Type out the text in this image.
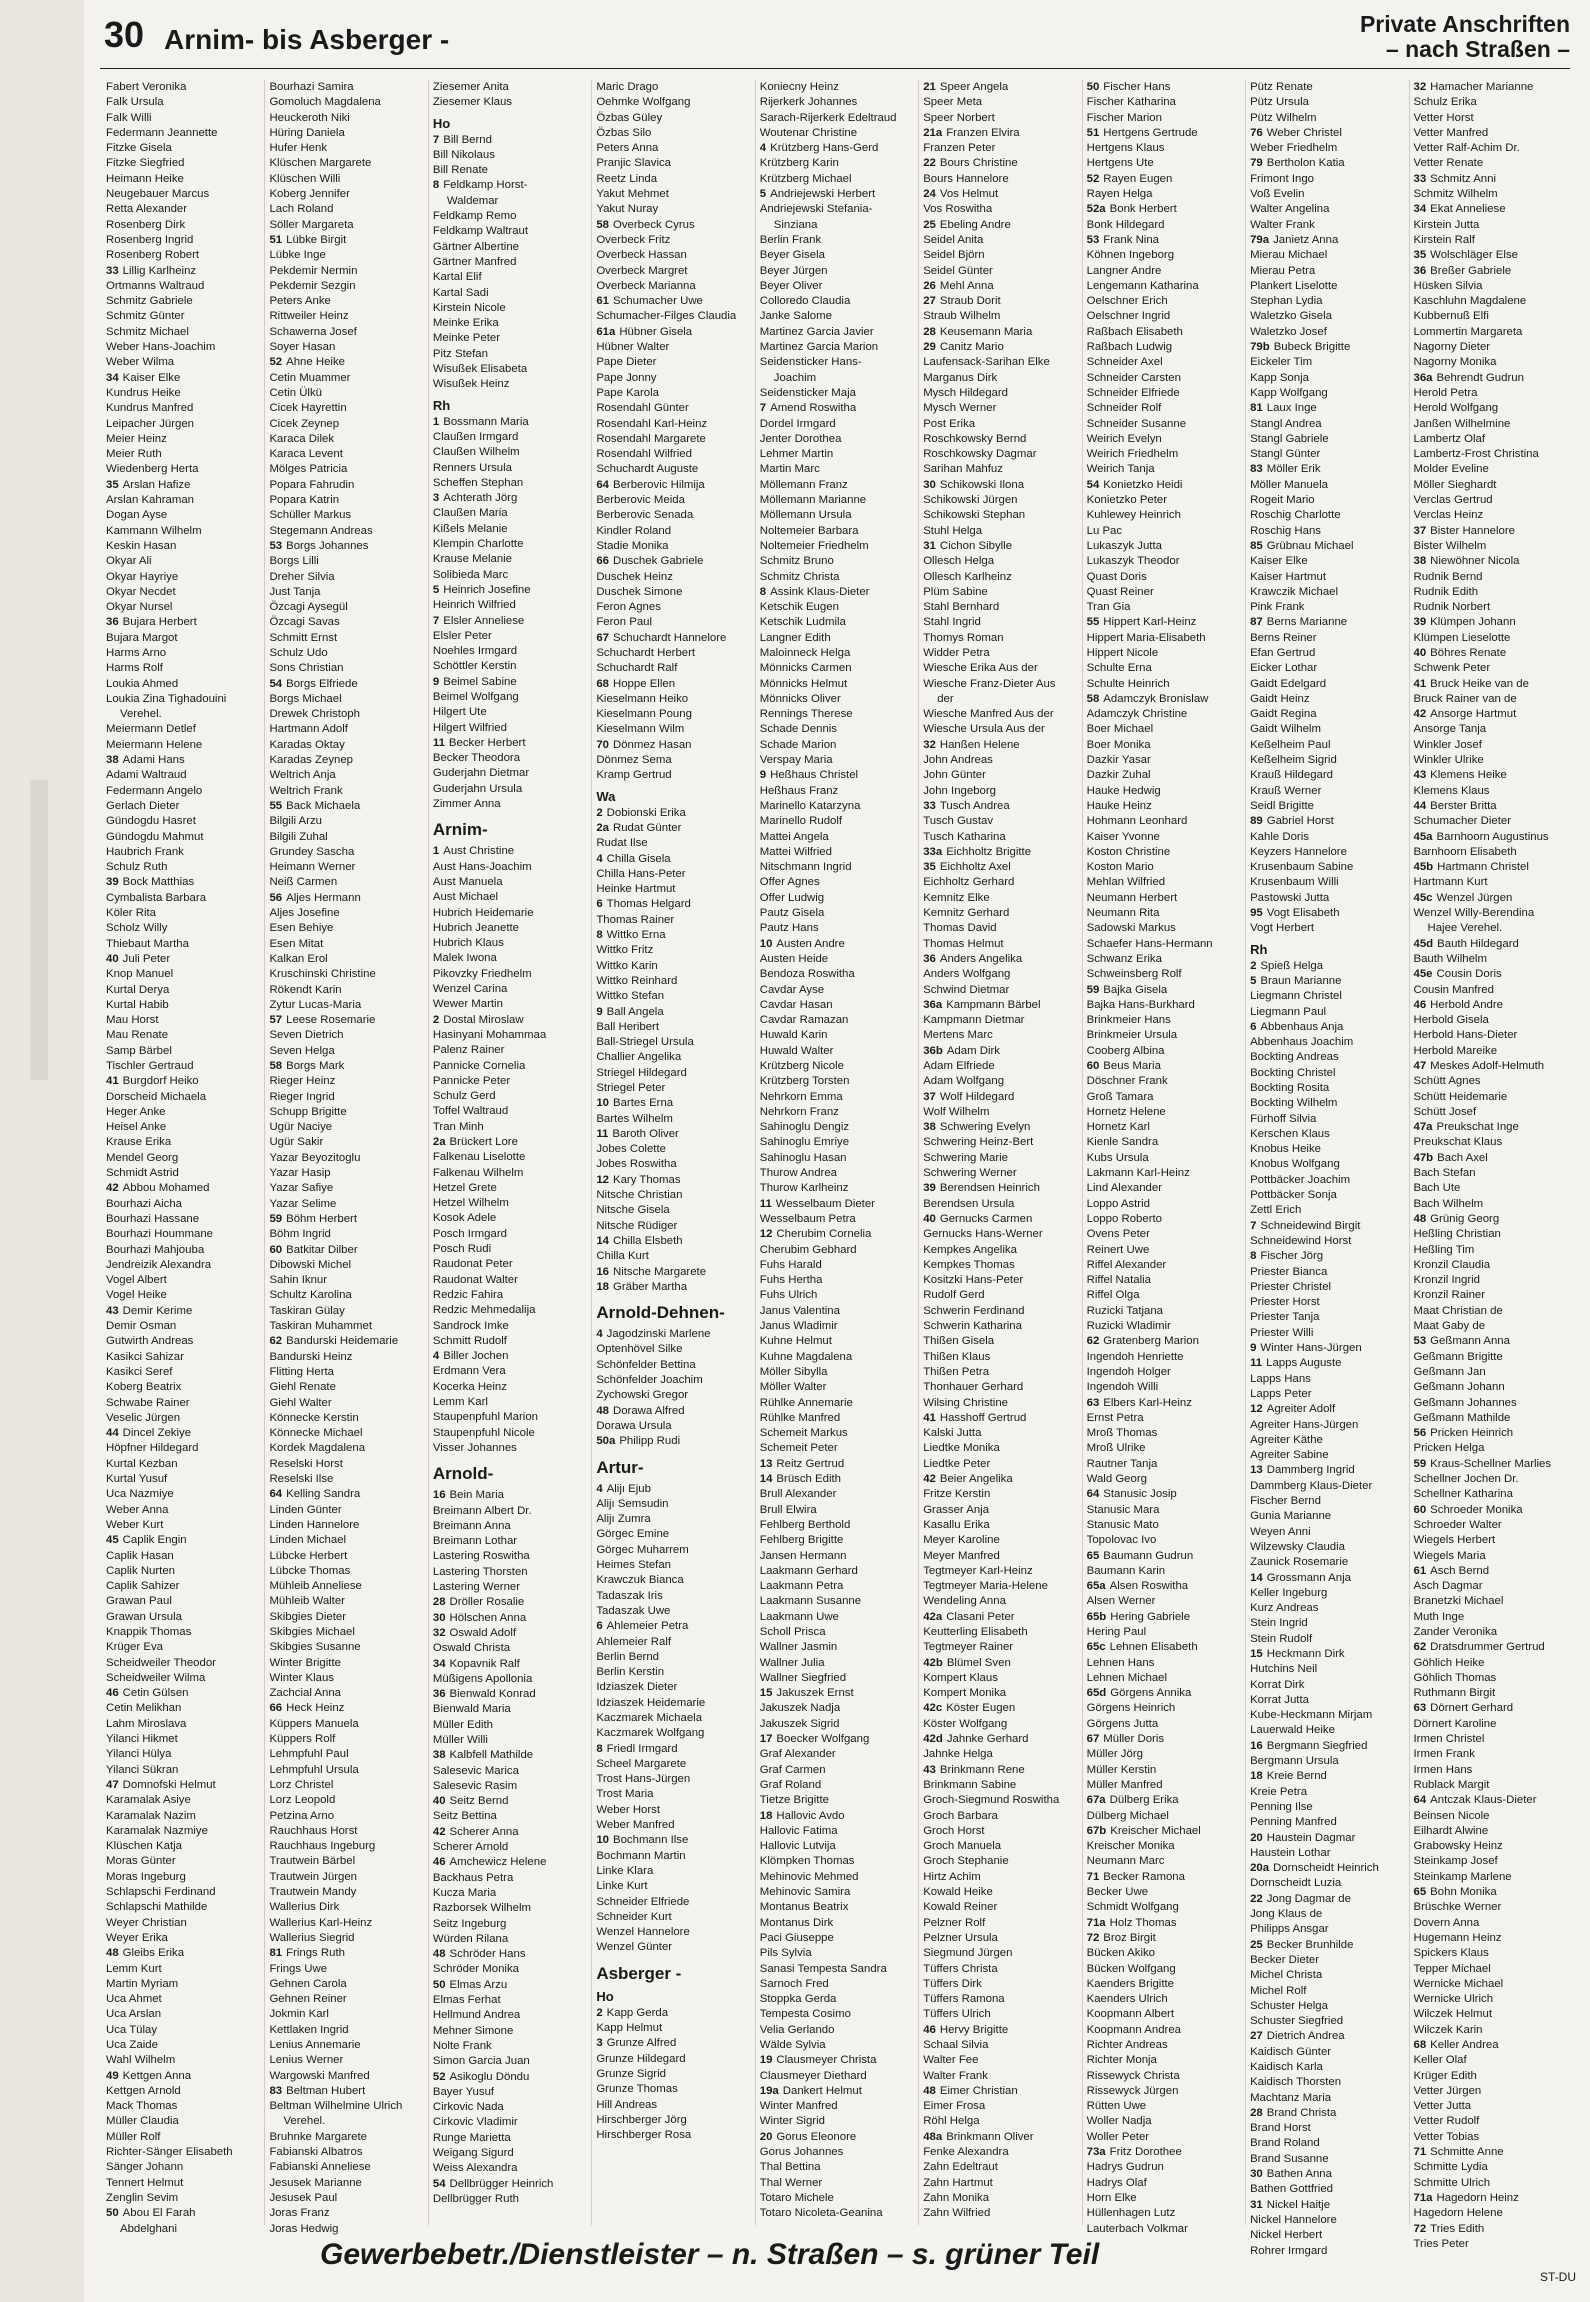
30 Arnim- bis Asberger -	Private Anschriften
– nach Straßen –
Fabert Veronika
Falk Ursula
Falk Willi
Federmann Jeannette
Fitzke Gisela
Fitzke Siegfried
Heimann Heike
Neugebauer Marcus
Retta Alexander
Rosenberg Dirk
Rosenberg Ingrid
Rosenberg Robert
33 Lillig Karlheinz
Ortmanns Waltraud
Schmitz Gabriele
Schmitz Günter
Schmitz Michael
Weber Hans-Joachim
Weber Wilma
34 Kaiser Elke
Kundrus Heike
Kundrus Manfred
Leipacher Jürgen
Meier Heinz
Meier Ruth
Wiedenberg Herta
35 Arslan Hafize
Arslan Kahraman
Dogan Ayse
Kammann Wilhelm
Keskin Hasan
Okyar Ali
Okyar Hayriye
Okyar Necdet
Okyar Nursel
36 Bujara Herbert
Bujara Margot
Harms Arno
Harms Rolf
Loukia Ahmed
Loukia Zina Tighadouini
Verehel.
Meiermann Detlef
Meiermann Helene
38 Adami Hans
Adami Waltraud
Federmann Angelo
Gerlach Dieter
Gündogdu Hasret
Gündogdu Mahmut
Haubrich Frank
Schulz Ruth
39 Bock Matthias
Cymbalista Barbara
Köler Rita
Scholz Willy
Thiebaut Martha
40 Juli Peter
Knop Manuel
Kurtal Derya
Kurtal Habib
Mau Horst
Mau Renate
Samp Bärbel
Tischler Gertraud
41 Burgdorf Heiko
Dorscheid Michaela
Heger Anke
Heisel Anke
Krause Erika
Mendel Georg
Schmidt Astrid
42 Abbou Mohamed
Bourhazi Aicha
Bourhazi Hassane
Bourhazi Hoummane
Bourhazi Mahjouba
Jendreizik Alexandra
Vogel Albert
Vogel Heike
43 Demir Kerime
Demir Osman
Gutwirth Andreas
Kasikci Sahizar
Kasikci Seref
Koberg Beatrix
Schwabe Rainer
Veselic Jürgen
44 Dincel Zekiye
Höpfner Hildegard
Kurtal Kezban
Kurtal Yusuf
Uca Nazmiye
Weber Anna
Weber Kurt
45 Caplik Engin
Caplik Hasan
Caplik Nurten
Caplik Sahizer
Grawan Paul
Grawan Ursula
Knappik Thomas
Krüger Eva
Scheidweiler Theodor
Scheidweiler Wilma
46 Cetin Gülsen
Cetin Melikhan
Lahm Miroslava
Yilanci Hikmet
Yilanci Hülya
Yilanci Sükran
47 Domnofski Helmut
Karamalak Asiye
Karamalak Nazim
Karamalak Nazmiye
Klüschen Katja
Moras Günter
Moras Ingeburg
Schlapschi Ferdinand
Schlapschi Mathilde
Weyer Christian
Weyer Erika
48 Gleibs Erika
Lemm Kurt
Martin Myriam
Uca Ahmet
Uca Arslan
Uca Tülay
Uca Zaide
Wahl Wilhelm
49 Kettgen Anna
Kettgen Arnold
Mack Thomas
Müller Claudia
Müller Rolf
Richter-Sänger Elisabeth
Sänger Johann
Tennert Helmut
Zenglin Sevim
50 Abou El Farah
Abdelghani
Bourhazi Samira
Gomoluch Magdalena
Heuckeroth Niki
Hüring Daniela
Hufer Henk
Klüschen Margarete
Klüschen Willi
Koberg Jennifer
Lach Roland
Söller Margareta
51 Lübke Birgit
Lübke Inge
Pekdemir Nermin
Pekdemir Sezgin
Peters Anke
Rittweiler Heinz
Schawerna Josef
Soyer Hasan
52 Ahne Heike
Cetin Muammer
Cetin Ülkü
Cicek Hayrettin
Cicek Zeynep
Karaca Dilek
Karaca Levent
Mölges Patricia
Popara Fahrudin
Popara Katrin
Schüller Markus
Stegemann Andreas
53 Borgs Johannes
Borgs Lilli
Dreher Silvia
Just Tanja
Özcagi Aysegül
Özcagi Savas
Schmitt Ernst
Schulz Udo
Sons Christian
54 Borgs Elfriede
Borgs Michael
Drewek Christoph
Hartmann Adolf
Karadas Oktay
Karadas Zeynep
Weltrich Anja
Weltrich Frank
55 Back Michaela
Bilgili Arzu
Bilgili Zuhal
Grundey Sascha
Heimann Werner
Neiß Carmen
56 Aljes Hermann
Aljes Josefine
Esen Behiye
Esen Mitat
Kalkan Erol
Kruschinski Christine
Rökendt Karin
Zytur Lucas-Maria
57 Leese Rosemarie
Seven Dietrich
Seven Helga
58 Borgs Mark
Rieger Heinz
Rieger Ingrid
Schupp Brigitte
Ugür Naciye
Ugür Sakir
Yazar Beyozitoglu
Yazar Hasip
Yazar Safiye
Yazar Selime
59 Böhm Herbert
Böhm Ingrid
60 Batkitar Dilber
Dibowski Michel
Sahin Iknur
Schultz Karolina
Taskiran Gülay
Taskiran Muhammet
62 Bandurski Heidemarie
Bandurski Heinz
Flitting Herta
Giehl Renate
Giehl Walter
Könnecke Kerstin
Könnecke Michael
Kordek Magdalena
Reselski Horst
Reselski Ilse
64 Kelling Sandra
Linden Günter
Linden Hannelore
Linden Michael
Lübcke Herbert
Lübcke Thomas
Mühleib Anneliese
Mühleib Walter
Skibgies Dieter
Skibgies Michael
Skibgies Susanne
Winter Brigitte
Winter Klaus
Zachcial Anna
66 Heck Heinz
Küppers Manuela
Küppers Rolf
Lehmpfuhl Paul
Lehmpfuhl Ursula
Lorz Christel
Lorz Leopold
Petzina Arno
Rauchhaus Horst
Rauchhaus Ingeburg
Trautwein Bärbel
Trautwein Jürgen
Trautwein Mandy
Wallerius Dirk
Wallerius Karl-Heinz
Wallerius Siegrid
81 Frings Ruth
Frings Uwe
Gehnen Carola
Gehnen Reiner
Jokmin Karl
Kettlaken Ingrid
Lenius Annemarie
Lenius Werner
Wargowski Manfred
83 Beltman Hubert
Beltman Wilhelmine Ulrich
Verehel.
Bruhnke Margarete
Fabianski Albatros
Fabianski Anneliese
Jesusek Marianne
Jesusek Paul
Joras Franz
Joras Hedwig
Ziesemer Anita
Ziesemer Klaus
Ho
7 Bill Bernd
Bill Nikolaus
Bill Renate
8 Feldkamp Horst-
Waldemar
Feldkamp Remo
Feldkamp Waltraut
Gärtner Albertine
Gärtner Manfred
Kartal Elif
Kartal Sadi
Kirstein Nicole
Meinke Erika
Meinke Peter
Pitz Stefan
Wisußek Elisabeta
Wisußek Heinz
Rh
1 Bossmann Maria
Claußen Irmgard
Claußen Wilhelm
Renners Ursula
Scheffen Stephan
3 Achterath Jörg
Claußen Maria
Kißels Melanie
Klempin Charlotte
Krause Melanie
Solibieda Marc
5 Heinrich Josefine
Heinrich Wilfried
7 Elsler Anneliese
Elsler Peter
Noehles Irmgard
Schöttler Kerstin
9 Beimel Sabine
Beimel Wolfgang
Hilgert Ute
Hilgert Wilfried
11 Becker Herbert
Becker Theodora
Guderjahn Dietmar
Guderjahn Ursula
Zimmer Anna
Arnim-
1 Aust Christine
Aust Hans-Joachim
Aust Manuela
Aust Michael
Hubrich Heidemarie
Hubrich Jeanette
Hubrich Klaus
Malek Iwona
Pikovzky Friedhelm
Wenzel Carina
Wewer Martin
2 Dostal Miroslaw
Hasinyani Mohammaa
Palenz Rainer
Pannicke Cornelia
Pannicke Peter
Schulz Gerd
Toffel Waltraud
Tran Minh
2a Brückert Lore
Falkenau Liselotte
Falkenau Wilhelm
Hetzel Grete
Hetzel Wilhelm
Kosok Adele
Posch Irmgard
Posch Rudi
Raudonat Peter
Raudonat Walter
Redzic Fahira
Redzic Mehmedalija
Sandrock Imke
Schmitt Rudolf
4 Biller Jochen
Erdmann Vera
Kocerka Heinz
Lemm Karl
Staupenpfuhl Marion
Staupenpfuhl Nicole
Visser Johannes
Arnold-
16 Bein Maria
Breimann Albert Dr.
Breimann Anna
Breimann Lothar
Lastering Roswitha
Lastering Thorsten
Lastering Werner
28 Dröller Rosalie
30 Hölschen Anna
32 Oswald Adolf
Oswald Christa
34 Kopavnik Ralf
Müßigens Apollonia
36 Bienwald Konrad
Bienwald Maria
Müller Edith
Müller Willi
38 Kalbfell Mathilde
Salesevic Marica
Salesevic Rasim
40 Seitz Bernd
Seitz Bettina
42 Scherer Anna
Scherer Arnold
46 Amchewicz Helene
Backhaus Petra
Kucza Maria
Razborsek Wilhelm
Seitz Ingeburg
Würden Rilana
48 Schröder Hans
Schröder Monika
50 Elmas Arzu
Elmas Ferhat
Hellmund Andrea
Mehner Simone
Nolte Frank
Simon Garcia Juan
52 Asikoglu Döndu
Bayer Yusuf
Cirkovic Nada
Cirkovic Vladimir
Runge Marietta
Weigang Sigurd
Weiss Alexandra
54 Dellbrügger Heinrich
Dellbrügger Ruth
Maric Drago
Oehmke Wolfgang
Özbas Güley
Özbas Silo
Peters Anna
Pranjic Slavica
Reetz Linda
Yakut Mehmet
Yakut Nuray
58 Overbeck Cyrus
Overbeck Fritz
Overbeck Hassan
Overbeck Margret
Overbeck Marianna
61 Schumacher Uwe
Schumacher-Filges Claudia
61a Hübner Gisela
Hübner Walter
Pape Dieter
Pape Jonny
Pape Karola
Rosendahl Günter
Rosendahl Karl-Heinz
Rosendahl Margarete
Rosendahl Wilfried
Schuchardt Auguste
64 Berberovic Hilmija
Berberovic Meida
Berberovic Senada
Kindler Roland
Stadie Monika
66 Duschek Gabriele
Duschek Heinz
Duschek Simone
Feron Agnes
Feron Paul
67 Schuchardt Hannelore
Schuchardt Herbert
Schuchardt Ralf
68 Hoppe Ellen
Kieselmann Heiko
Kieselmann Poung
Kieselmann Wilm
70 Dönmez Hasan
Dönmez Sema
Kramp Gertrud
Wa
2 Dobionski Erika
2a Rudat Günter
Rudat Ilse
4 Chilla Gisela
Chilla Hans-Peter
Heinke Hartmut
6 Thomas Helgard
Thomas Rainer
8 Wittko Erna
Wittko Fritz
Wittko Karin
Wittko Reinhard
Wittko Stefan
9 Ball Angela
Ball Heribert
Ball-Striegel Ursula
Challier Angelika
Striegel Hildegard
Striegel Peter
10 Bartes Erna
Bartes Wilhelm
11 Baroth Oliver
Jobes Colette
Jobes Roswitha
12 Kary Thomas
Nitsche Christian
Nitsche Gisela
Nitsche Rüdiger
14 Chilla Elsbeth
Chilla Kurt
16 Nitsche Margarete
18 Gräber Martha
Arnold-Dehnen-
4 Jagodzinski Marlene
Optenhövel Silke
Schönfelder Bettina
Schönfelder Joachim
Zychowski Gregor
48 Dorawa Alfred
Dorawa Ursula
50a Philipp Rudi
Artur-
4 Alijı Ejub
Alijı Semsudin
Alijı Zumra
Görgec Emine
Görgec Muharrem
Heimes Stefan
Krawczuk Bianca
Tadaszak Iris
Tadaszak Uwe
6 Ahlemeier Petra
Ahlemeier Ralf
Berlin Bernd
Berlin Kerstin
Idziaszek Dieter
Idziaszek Heidemarie
Kaczmarek Michaela
Kaczmarek Wolfgang
8 Friedl Irmgard
Scheel Margarete
Trost Hans-Jürgen
Trost Maria
Weber Horst
Weber Manfred
10 Bochmann Ilse
Bochmann Martin
Linke Klara
Linke Kurt
Schneider Elfriede
Schneider Kurt
Wenzel Hannelore
Wenzel Günter
Asberger -
Ho
2 Kapp Gerda
Kapp Helmut
3 Grunze Alfred
Grunze Hildegard
Grunze Sigrid
Grunze Thomas
Hill Andreas
Hirschberger Jörg
Hirschberger Rosa
Koniecny Heinz
Rijerkerk Johannes
Sarach-Rijerkerk Edeltraud
Woutenar Christine
4 Krützberg Hans-Gerd
Krützberg Karin
Krützberg Michael
5 Andriejewski Herbert
Andriejewski Stefania-
Sinziana
Berlin Frank
Beyer Gisela
Beyer Jürgen
Beyer Oliver
Colloredo Claudia
Janke Salome
Martinez Garcia Javier
Martinez Garcia Marion
Seidensticker Hans-
Joachim
Seidensticker Maja
7 Amend Roswitha
Dordel Irmgard
Jenter Dorothea
Lehmer Martin
Martin Marc
Möllemann Franz
Möllemann Marianne
Möllemann Ursula
Noltemeier Barbara
Noltemeier Friedhelm
Schmitz Bruno
Schmitz Christa
8 Assink Klaus-Dieter
Ketschik Eugen
Ketschik Ludmila
Langner Edith
Maloinneck Helga
Mönnicks Carmen
Mönnicks Helmut
Mönnicks Oliver
Rennings Therese
Schade Dennis
Schade Marion
Verspay Maria
9 Heßhaus Christel
Heßhaus Franz
Marinello Katarzyna
Marinello Rudolf
Mattei Angela
Mattei Wilfried
Nitschmann Ingrid
Offer Agnes
Offer Ludwig
Pautz Gisela
Pautz Hans
10 Austen Andre
Austen Heide
Bendoza Roswitha
Cavdar Ayse
Cavdar Hasan
Cavdar Ramazan
Huwald Karin
Huwald Walter
Krützberg Nicole
Krützberg Torsten
Nehrkorn Emma
Nehrkorn Franz
Sahinoglu Dengiz
Sahinoglu Emriye
Sahinoglu Hasan
Thurow Andrea
Thurow Karlheinz
11 Wesselbaum Dieter
Wesselbaum Petra
12 Cherubim Cornelia
Cherubim Gebhard
Fuhs Harald
Fuhs Hertha
Fuhs Ulrich
Janus Valentina
Janus Wladimir
Kuhne Helmut
Kuhne Magdalena
Möller Sibylla
Möller Walter
Rühlke Annemarie
Rühlke Manfred
Schemeit Markus
Schemeit Peter
13 Reitz Gertrud
14 Brüsch Edith
Brull Alexander
Brull Elwira
Fehlberg Berthold
Fehlberg Brigitte
Jansen Hermann
Laakmann Gerhard
Laakmann Petra
Laakmann Susanne
Laakmann Uwe
Scholl Prisca
Wallner Jasmin
Wallner Julia
Wallner Siegfried
15 Jakuszek Ernst
Jakuszek Nadja
Jakuszek Sigrid
17 Boecker Wolfgang
Graf Alexander
Graf Carmen
Graf Roland
Tietze Brigitte
18 Hallovic Avdo
Hallovic Fatima
Hallovic Lutvija
Klömpken Thomas
Mehinovic Mehmed
Mehinovic Samira
Montanus Beatrix
Montanus Dirk
Paci Giuseppe
Pils Sylvia
Sanasi Tempesta Sandra
Sarnoch Fred
Stoppka Gerda
Tempesta Cosimo
Velia Gerlando
Wälde Sylvia
19 Clausmeyer Christa
Clausmeyer Diethard
19a Dankert Helmut
Winter Manfred
Winter Sigrid
20 Gorus Eleonore
Gorus Johannes
Thal Bettina
Thal Werner
Totaro Michele
Totaro Nicoleta-Geanina
21 Speer Angela
Speer Meta
Speer Norbert
21a Franzen Elvira
Franzen Peter
22 Bours Christine
Bours Hannelore
24 Vos Helmut
Vos Roswitha
25 Ebeling Andre
Seidel Anita
Seidel Björn
Seidel Günter
26 Mehl Anna
27 Straub Dorit
Straub Wilhelm
28 Keusemann Maria
29 Canitz Mario
Laufensack-Sarihan Elke
Marganus Dirk
Mysch Hildegard
Mysch Werner
Post Erika
Roschkowsky Bernd
Roschkowsky Dagmar
Sarihan Mahfuz
30 Schikowski Ilona
Schikowski Jürgen
Schikowski Stephan
Stuhl Helga
31 Cichon Sibylle
Ollesch Helga
Ollesch Karlheinz
Plüm Sabine
Stahl Bernhard
Stahl Ingrid
Thomys Roman
Widder Petra
Wiesche Erika Aus der
Wiesche Franz-Dieter Aus
der
Wiesche Manfred Aus der
Wiesche Ursula Aus der
32 Hanßen Helene
John Andreas
John Günter
John Ingeborg
33 Tusch Andrea
Tusch Gustav
Tusch Katharina
33a Eichholtz Brigitte
35 Eichholtz Axel
Eichholtz Gerhard
Kemnitz Elke
Kemnitz Gerhard
Thomas David
Thomas Helmut
36 Anders Angelika
Anders Wolfgang
Schwind Dietmar
36a Kampmann Bärbel
Kampmann Dietmar
Mertens Marc
36b Adam Dirk
Adam Elfriede
Adam Wolfgang
37 Wolf Hildegard
Wolf Wilhelm
38 Schwering Evelyn
Schwering Heinz-Bert
Schwering Marie
Schwering Werner
39 Berendsen Heinrich
Berendsen Ursula
40 Gernucks Carmen
Gernucks Hans-Werner
Kempkes Angelika
Kempkes Thomas
Kositzki Hans-Peter
Rudolf Gerd
Schwerin Ferdinand
Schwerin Katharina
Thißen Gisela
Thißen Klaus
Thißen Petra
Thonhauer Gerhard
Wilsing Christine
41 Hasshoff Gertrud
Kalski Jutta
Liedtke Monika
Liedtke Peter
42 Beier Angelika
Fritze Kerstin
Grasser Anja
Kasallu Erika
Meyer Karoline
Meyer Manfred
Tegtmeyer Karl-Heinz
Tegtmeyer Maria-Helene
Wendeling Anna
42a Clasani Peter
Keutterling Elisabeth
Tegtmeyer Rainer
42b Blümel Sven
Kompert Klaus
Kompert Monika
42c Köster Eugen
Köster Wolfgang
42d Jahnke Gerhard
Jahnke Helga
43 Brinkmann Rene
Brinkmann Sabine
Groch-Siegmund Roswitha
Groch Barbara
Groch Horst
Groch Manuela
Groch Stephanie
Hirtz Achim
Kowald Heike
Kowald Reiner
Pelzner Rolf
Pelzner Ursula
Siegmund Jürgen
Tüffers Christa
Tüffers Dirk
Tüffers Ramona
Tüffers Ulrich
46 Hervy Brigitte
Schaal Silvia
Walter Fee
Walter Frank
48 Eimer Christian
Eimer Frosa
Röhl Helga
48a Brinkmann Oliver
Fenke Alexandra
Zahn Edeltraut
Zahn Hartmut
Zahn Monika
Zahn Wilfried
50 Fischer Hans
Fischer Katharina
Fischer Marion
51 Hertgens Gertrude
Hertgens Klaus
Hertgens Ute
52 Rayen Eugen
Rayen Helga
52a Bonk Herbert
Bonk Hildegard
53 Frank Nina
Köhnen Ingeborg
Langner Andre
Lengemann Katharina
Oelschner Erich
Oelschner Ingrid
Raßbach Elisabeth
Raßbach Ludwig
Schneider Axel
Schneider Carsten
Schneider Elfriede
Schneider Rolf
Schneider Susanne
Weirich Evelyn
Weirich Friedhelm
Weirich Tanja
54 Konietzko Heidi
Konietzko Peter
Kuhlewey Heinrich
Lu Pac
Lukaszyk Jutta
Lukaszyk Theodor
Quast Doris
Quast Reiner
Tran Gia
55 Hippert Karl-Heinz
Hippert Maria-Elisabeth
Hippert Nicole
Schulte Erna
Schulte Heinrich
58 Adamczyk Bronislaw
Adamczyk Christine
Boer Michael
Boer Monika
Dazkir Yasar
Dazkir Zuhal
Hauke Hedwig
Hauke Heinz
Hohmann Leonhard
Kaiser Yvonne
Koston Christine
Koston Mario
Mehlan Wilfried
Neumann Herbert
Neumann Rita
Sadowski Markus
Schaefer Hans-Hermann
Schwanz Erika
Schweinsberg Rolf
59 Bajka Gisela
Bajka Hans-Burkhard
Brinkmeier Hans
Brinkmeier Ursula
Cooberg Albina
60 Beus Maria
Döschner Frank
Groß Tamara
Hornetz Helene
Hornetz Karl
Kienle Sandra
Kubs Ursula
Lakmann Karl-Heinz
Lind Alexander
Loppo Astrid
Loppo Roberto
Ovens Peter
Reinert Uwe
Riffel Alexander
Riffel Natalia
Riffel Olga
Ruzicki Tatjana
Ruzicki Wladimir
62 Gratenberg Marion
Ingendoh Henriette
Ingendoh Holger
Ingendoh Willi
63 Elbers Karl-Heinz
Ernst Petra
Mroß Thomas
Mroß Ulrike
Rautner Tanja
Wald Georg
64 Stanusic Josip
Stanusic Mara
Stanusic Mato
Topolovac Ivo
65 Baumann Gudrun
Baumann Karin
65a Alsen Roswitha
Alsen Werner
65b Hering Gabriele
Hering Paul
65c Lehnen Elisabeth
Lehnen Hans
Lehnen Michael
65d Görgens Annika
Görgens Heinrich
Görgens Jutta
67 Müller Doris
Müller Jörg
Müller Kerstin
Müller Manfred
67a Dülberg Erika
Dülberg Michael
67b Kreischer Michael
Kreischer Monika
Neumann Marc
71 Becker Ramona
Becker Uwe
Schmidt Wolfgang
71a Holz Thomas
72 Broz Birgit
Bücken Akiko
Bücken Wolfgang
Kaenders Brigitte
Kaenders Ulrich
Koopmann Albert
Koopmann Andrea
Richter Andreas
Richter Monja
Rissewyck Christa
Rissewyck Jürgen
Rütten Uwe
Woller Nadja
Woller Peter
73a Fritz Dorothee
Hadrys Gudrun
Hadrys Olaf
Horn Elke
Hüllenhagen Lutz
Lauterbach Volkmar
Pütz Renate
Pütz Ursula
Pütz Wilhelm
76 Weber Christel
Weber Friedhelm
79 Bertholon Katia
Frimont Ingo
Voß Evelin
Walter Angelina
Walter Frank
79a Janietz Anna
Mierau Michael
Mierau Petra
Plankert Liselotte
Stephan Lydia
Waletzko Gisela
Waletzko Josef
79b Bubeck Brigitte
Eickeler Tim
Kapp Sonja
Kapp Wolfgang
81 Laux Inge
Stangl Andrea
Stangl Gabriele
Stangl Günter
83 Möller Erik
Möller Manuela
Rogeit Mario
Roschig Charlotte
Roschig Hans
85 Grübnau Michael
Kaiser Elke
Kaiser Hartmut
Krawczik Michael
Pink Frank
87 Berns Marianne
Berns Reiner
Efan Gertrud
Eicker Lothar
Gaidt Edelgard
Gaidt Heinz
Gaidt Regina
Gaidt Wilhelm
Keßelheim Paul
Keßelheim Sigrid
Krauß Hildegard
Krauß Werner
Seidl Brigitte
89 Gabriel Horst
Kahle Doris
Keyzers Hannelore
Krusenbaum Sabine
Krusenbaum Willi
Pastowski Jutta
95 Vogt Elisabeth
Vogt Herbert
Rh
2 Spieß Helga
5 Braun Marianne
Liegmann Christel
Liegmann Paul
6 Abbenhaus Anja
Abbenhaus Joachim
Bockting Andreas
Bockting Christel
Bockting Rosita
Bockting Wilhelm
Fürhoff Silvia
Kerschen Klaus
Knobus Heike
Knobus Wolfgang
Pottbäcker Joachim
Pottbäcker Sonja
Zettl Erich
7 Schneidewind Birgit
Schneidewind Horst
8 Fischer Jörg
Priester Bianca
Priester Christel
Priester Horst
Priester Tanja
Priester Willi
9 Winter Hans-Jürgen
11 Lapps Auguste
Lapps Hans
Lapps Peter
12 Agreiter Adolf
Agreiter Hans-Jürgen
Agreiter Käthe
Agreiter Sabine
13 Dammberg Ingrid
Dammberg Klaus-Dieter
Fischer Bernd
Gunia Marianne
Weyen Anni
Wilzewsky Claudia
Zaunick Rosemarie
14 Grossmann Anja
Keller Ingeburg
Kurz Andreas
Stein Ingrid
Stein Rudolf
15 Heckmann Dirk
Hutchins Neil
Korrat Dirk
Korrat Jutta
Kube-Heckmann Mirjam
Lauerwald Heike
16 Bergmann Siegfried
Bergmann Ursula
18 Kreie Bernd
Kreie Petra
Penning Ilse
Penning Manfred
20 Haustein Dagmar
Haustein Lothar
20a Dornscheidt Heinrich
Dornscheidt Luzia
22 Jong Dagmar de
Jong Klaus de
Philipps Ansgar
25 Becker Brunhilde
Becker Dieter
Michel Christa
Michel Rolf
Schuster Helga
Schuster Siegfried
27 Dietrich Andrea
Kaidisch Günter
Kaidisch Karla
Kaidisch Thorsten
Machtanz Maria
28 Brand Christa
Brand Horst
Brand Roland
Brand Susanne
30 Bathen Anna
Bathen Gottfried
31 Nickel Haitje
Nickel Hannelore
Nickel Herbert
Rohrer Irmgard
32 Hamacher Marianne
Schulz Erika
Vetter Horst
Vetter Manfred
Vetter Ralf-Achim Dr.
Vetter Renate
33 Schmitz Anni
Schmitz Wilhelm
34 Ekat Anneliese
Kirstein Jutta
Kirstein Ralf
35 Wolschläger Else
36 Breßer Gabriele
Hüsken Silvia
Kaschluhn Magdalene
Kubbernuß Elfi
Lommertin Margareta
Nagorny Dieter
Nagorny Monika
36a Behrendt Gudrun
Herold Petra
Herold Wolfgang
Janßen Wilhelmine
Lambertz Olaf
Lambertz-Frost Christina
Molder Eveline
Möller Sieghardt
Verclas Gertrud
Verclas Heinz
37 Bister Hannelore
Bister Wilhelm
38 Niewöhner Nicola
Rudnik Bernd
Rudnik Edith
Rudnik Norbert
39 Klümpen Johann
Klümpen Lieselotte
40 Böhres Renate
Schwenk Peter
41 Bruck Heike van de
Bruck Rainer van de
42 Ansorge Hartmut
Ansorge Tanja
Winkler Josef
Winkler Ulrike
43 Klemens Heike
Klemens Klaus
44 Berster Britta
Schumacher Dieter
45a Barnhoorn Augustinus
Barnhoorn Elisabeth
45b Hartmann Christel
Hartmann Kurt
45c Wenzel Jürgen
Wenzel Willy-Berendina
Hajee Verehel.
45d Bauth Hildegard
Bauth Wilhelm
45e Cousin Doris
Cousin Manfred
46 Herbold Andre
Herbold Gisela
Herbold Hans-Dieter
Herbold Mareike
47 Meskes Adolf-Helmuth
Schütt Agnes
Schütt Heidemarie
Schütt Josef
47a Preukschat Inge
Preukschat Klaus
47b Bach Axel
Bach Stefan
Bach Ute
Bach Wilhelm
48 Grünig Georg
Heßling Christian
Heßling Tim
Kronzil Claudia
Kronzil Ingrid
Kronzil Rainer
Maat Christian de
Maat Gaby de
53 Geßmann Anna
Geßmann Brigitte
Geßmann Jan
Geßmann Johann
Geßmann Johannes
Geßmann Mathilde
56 Pricken Heinrich
Pricken Helga
59 Kraus-Schellner Marlies
Schellner Jochen Dr.
Schellner Katharina
60 Schroeder Monika
Schroeder Walter
Wiegels Herbert
Wiegels Maria
61 Asch Bernd
Asch Dagmar
Branetzki Michael
Muth Inge
Zander Veronika
62 Dratsdrummer Gertrud
Göhlich Heike
Göhlich Thomas
Ruthmann Birgit
63 Dörnert Gerhard
Dörnert Karoline
Irmen Christel
Irmen Frank
Irmen Hans
Rublack Margit
64 Antczak Klaus-Dieter
Beinsen Nicole
Eilhardt Alwine
Grabowsky Heinz
Steinkamp Josef
Steinkamp Marlene
65 Bohn Monika
Brüschke Werner
Dovern Anna
Hugemann Heinz
Spickers Klaus
Tepper Michael
Wernicke Michael
Wernicke Ulrich
Wilczek Helmut
Wilczek Karin
68 Keller Andrea
Keller Olaf
Krüger Edith
Vetter Jürgen
Vetter Jutta
Vetter Rudolf
Vetter Tobias
71 Schmitte Anne
Schmitte Lydia
Schmitte Ulrich
71a Hagedorn Heinz
Hagedorn Helene
72 Tries Edith
Tries Peter
Gewerbebetr./Dienstleister – n. Straßen – s. grüner Teil
ST-DU
